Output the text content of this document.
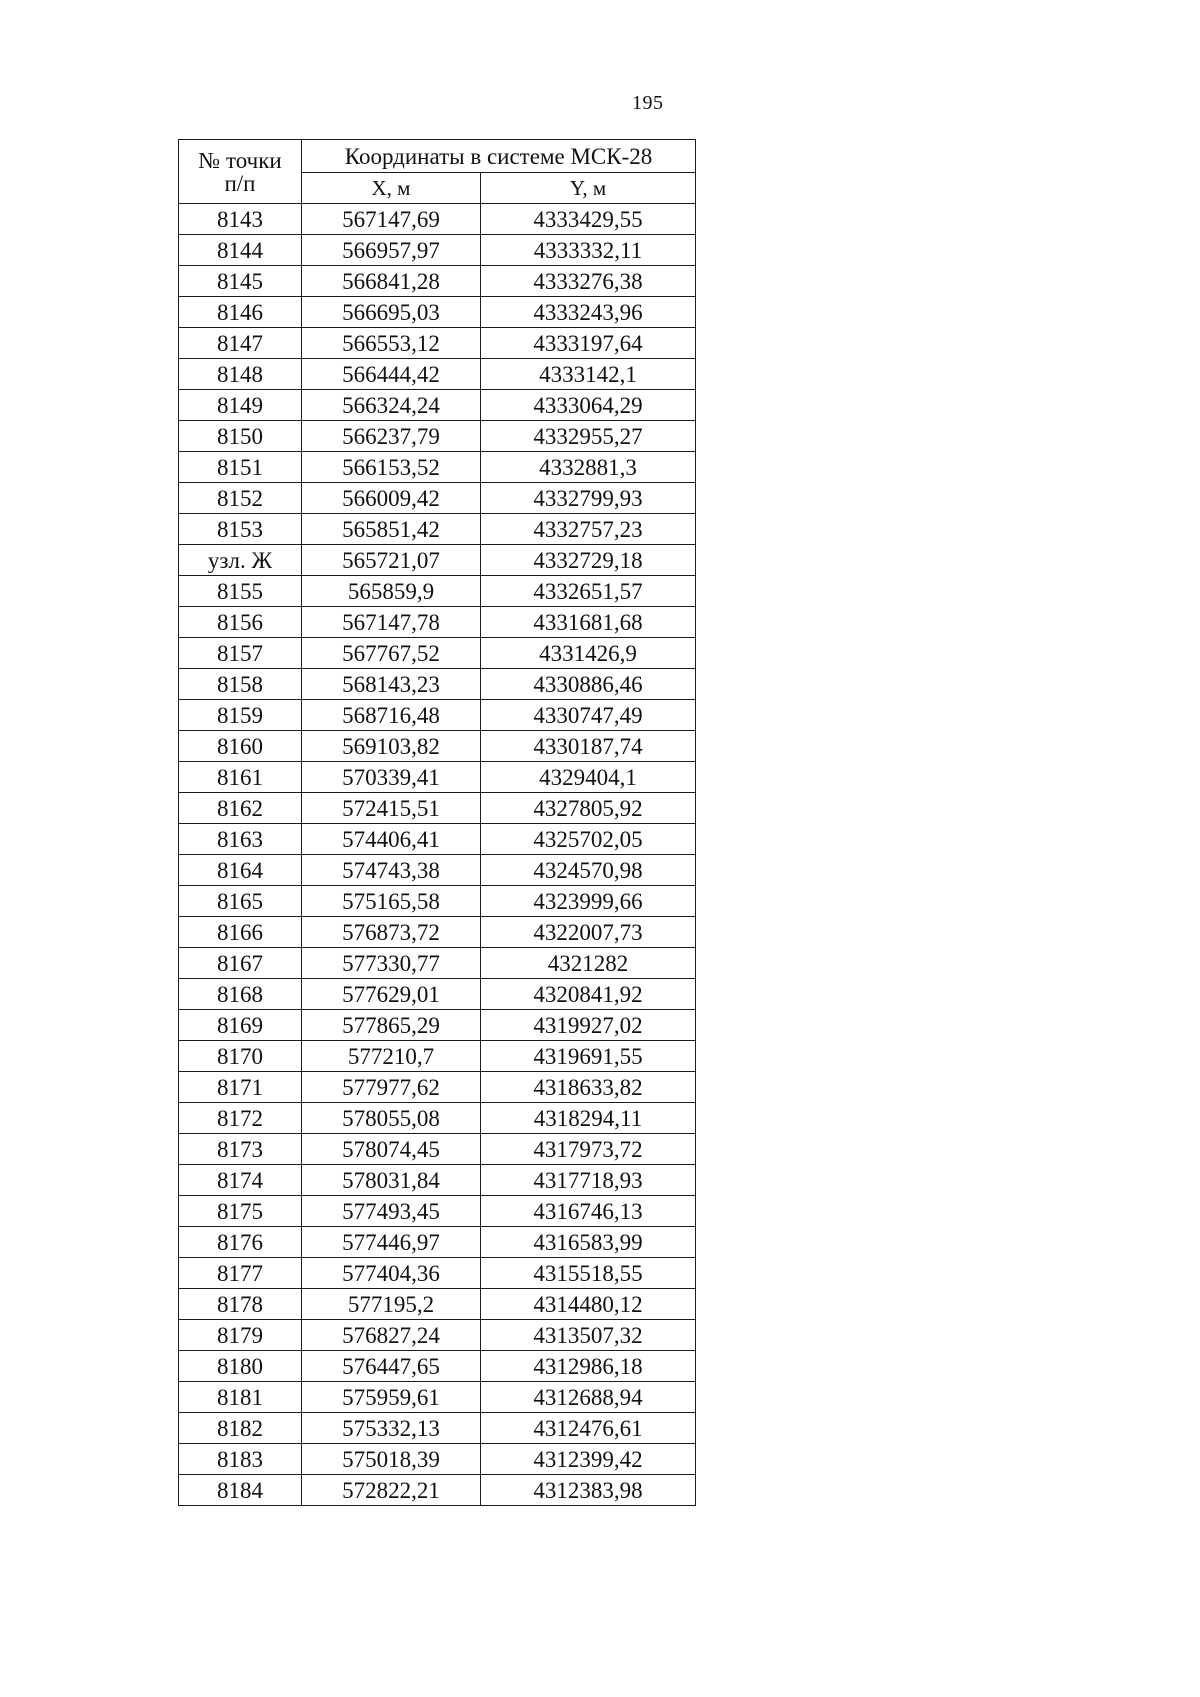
195
№ точки
п/п	Координаты в системе МСК-28	
	X, м	Y, м
8143	567147,69	4333429,55
8144	566957,97	4333332,11
8145	566841,28	4333276,38
8146	566695,03	4333243,96
8147	566553,12	4333197,64
8148	566444,42	4333142,1
8149	566324,24	4333064,29
8150	566237,79	4332955,27
8151	566153,52	4332881,3
8152	566009,42	4332799,93
8153	565851,42	4332757,23
узл. Ж	565721,07	4332729,18
8155	565859,9	4332651,57
8156	567147,78	4331681,68
8157	567767,52	4331426,9
8158	568143,23	4330886,46
8159	568716,48	4330747,49
8160	569103,82	4330187,74
8161	570339,41	4329404,1
8162	572415,51	4327805,92
8163	574406,41	4325702,05
8164	574743,38	4324570,98
8165	575165,58	4323999,66
8166	576873,72	4322007,73
8167	577330,77	4321282
8168	577629,01	4320841,92
8169	577865,29	4319927,02
8170	577210,7	4319691,55
8171	577977,62	4318633,82
8172	578055,08	4318294,11
8173	578074,45	4317973,72
8174	578031,84	4317718,93
8175	577493,45	4316746,13
8176	577446,97	4316583,99
8177	577404,36	4315518,55
8178	577195,2	4314480,12
8179	576827,24	4313507,32
8180	576447,65	4312986,18
8181	575959,61	4312688,94
8182	575332,13	4312476,61
8183	575018,39	4312399,42
8184	572822,21	4312383,98
